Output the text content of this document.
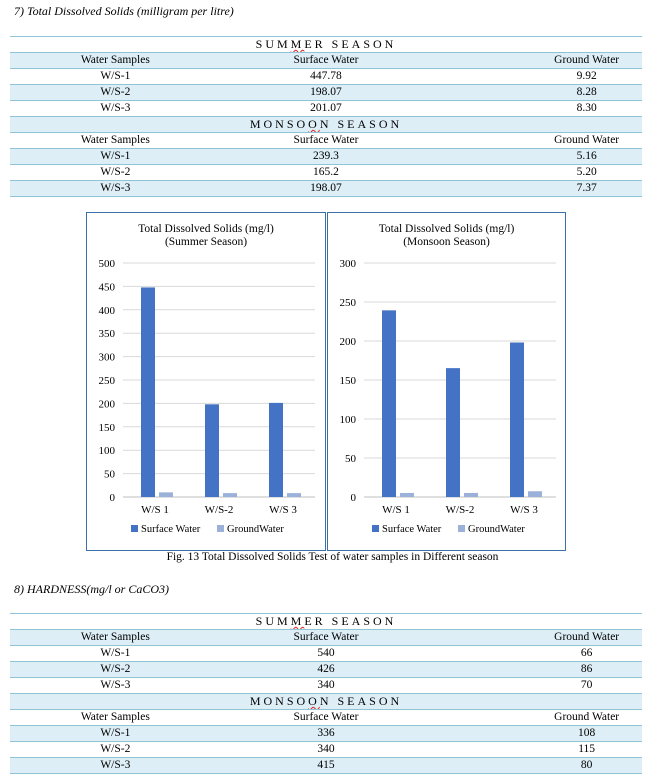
7) Total Dissolved Solids (milligram per litre)
SUMMER SEASON		
Water Samples	Surface Water	Ground Water
W/S-1	447.78	9.92
W/S-2	198.07	8.28
W/S-3	201.07	8.30
MONSOON SEASON		
Water Samples	Surface Water	Ground Water
W/S-1	239.3	5.16
W/S-2	165.2	5.20
W/S-3	198.07	7.37
Total Dissolved Solids (mg/l)
(Summer Season)
0
50
100
150
200
250
300
350
400
450
500
W/S 1	W/S-2	W/S 3
Surface Water	GroundWater
Total Dissolved Solids (mg/l)
(Monsoon Season)
0
50
100
150
200
250
300
W/S 1	W/S-2	W/S 3
Surface Water	GroundWater
Fig. 13 Total Dissolved Solids Test of water samples in Different season
8) HARDNESS(mg/l or CaCO3)
SUMMER SEASON		
Water Samples	Surface Water	Ground Water
W/S-1	540	66
W/S-2	426	86
W/S-3	340	70
MONSOON SEASON		
Water Samples	Surface Water	Ground Water
W/S-1	336	108
W/S-2	340	115
W/S-3	415	80
